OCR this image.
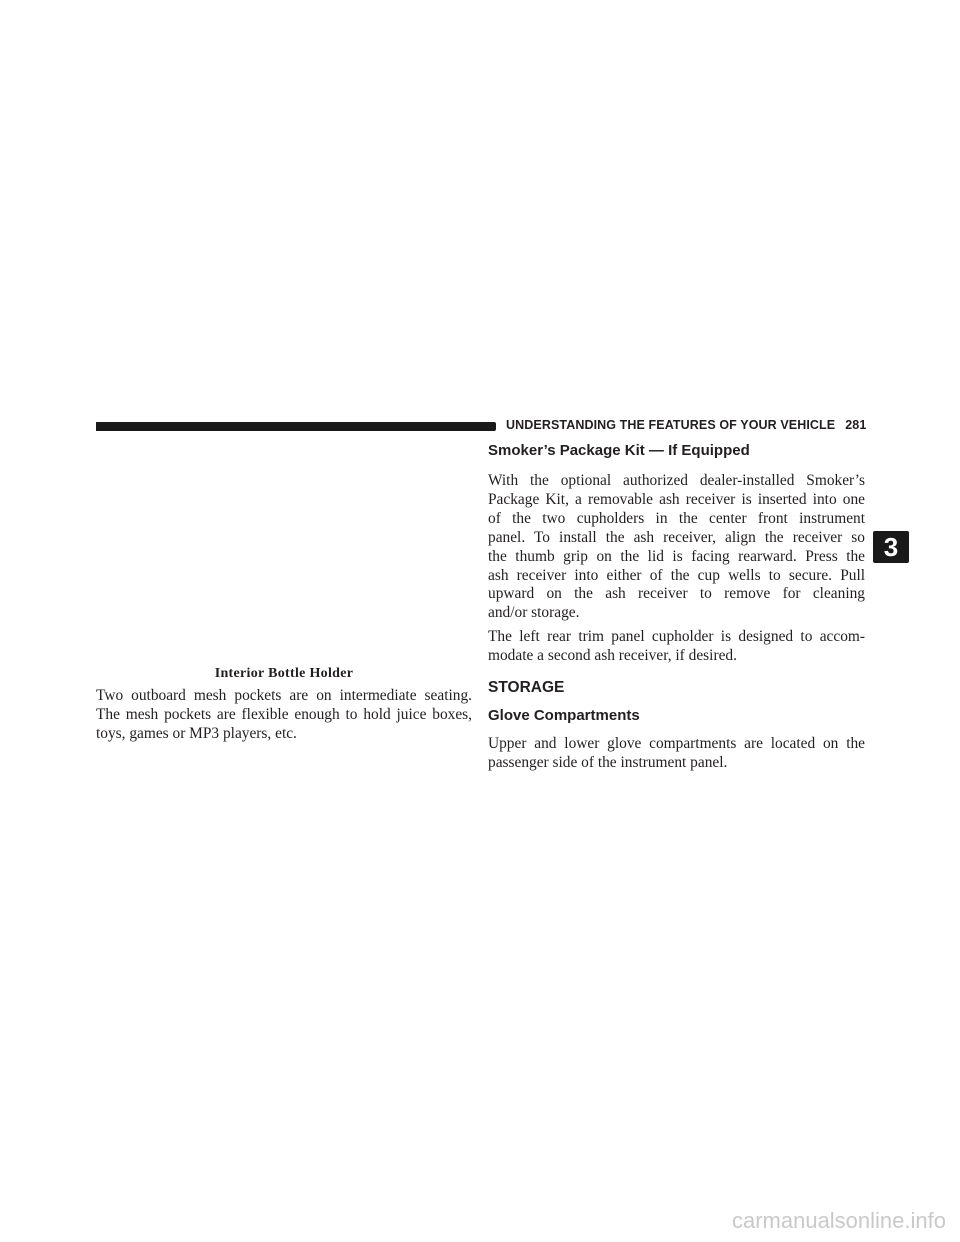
UNDERSTANDING THE FEATURES OF YOUR VEHICLE 281
Interior Bottle Holder

Two outboard mesh pockets are on intermediate seating.
The mesh pockets are flexible enough to hold juice boxes,
toys, games or MP3 players, etc.

Smoker’s Package Kit — If Equipped

With the optional authorized dealer-installed Smoker’s
Package Kit, a removable ash receiver is inserted into one
of the two cupholders in the center front instrument
panel. To install the ash receiver, align the receiver so
the thumb grip on the lid is facing rearward. Press the
ash receiver into either of the cup wells to secure. Pull
upward on the ash receiver to remove for cleaning
and/or storage.

The left rear trim panel cupholder is designed to accom-
modate a second ash receiver, if desired.

STORAGE
Glove Compartments

Upper and lower glove compartments are located on the
passenger side of the instrument panel.

3
carmanualsonline.info
